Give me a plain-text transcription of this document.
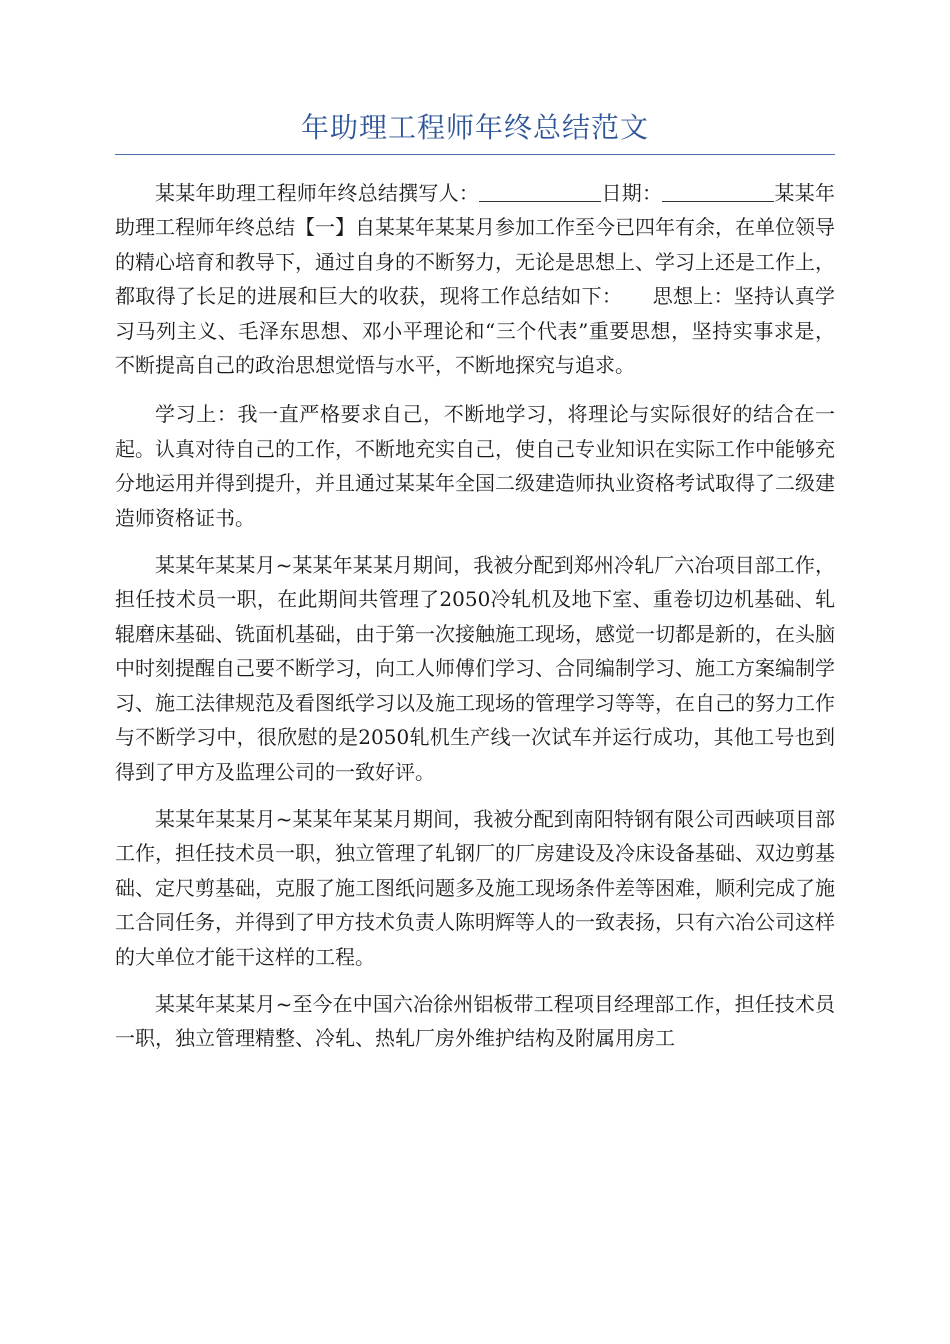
年助理工程师年终总结范文

某某年助理工程师年终总结撰写人：	日期：	某某年助理工程师年终总结【一】自某某年某某月参加工作至今已四年有余，在单位领导的精心培育和教导下，通过自身的不断努力，无论是思想上、学习上还是工作上，都取得了长足的进展和巨大的收获，现将工作总结如下：　　思想上：坚持认真学习马列主义、毛泽东思想、邓小平理论和“三个代表”重要思想，坚持实事求是，不断提高自己的政治思想觉悟与水平，不断地探究与追求。

学习上：我一直严格要求自己，不断地学习，将理论与实际很好的结合在一起。认真对待自己的工作，不断地充实自己，使自己专业知识在实际工作中能够充分地运用并得到提升，并且通过某某年全国二级建造师执业资格考试取得了二级建造师资格证书。

某某年某某月~某某年某某月期间，我被分配到郑州冷轧厂六冶项目部工作，担任技术员一职，在此期间共管理了2050冷轧机及地下室、重卷切边机基础、轧辊磨床基础、铣面机基础，由于第一次接触施工现场，感觉一切都是新的，在头脑中时刻提醒自己要不断学习，向工人师傅们学习、合同编制学习、施工方案编制学习、施工法律规范及看图纸学习以及施工现场的管理学习等等，在自己的努力工作与不断学习中，很欣慰的是2050轧机生产线一次试车并运行成功，其他工号也到得到了甲方及监理公司的一致好评。

某某年某某月~某某年某某月期间，我被分配到南阳特钢有限公司西峡项目部工作，担任技术员一职，独立管理了轧钢厂的厂房建设及冷床设备基础、双边剪基础、定尺剪基础，克服了施工图纸问题多及施工现场条件差等困难，顺利完成了施工合同任务，并得到了甲方技术负责人陈明辉等人的一致表扬，只有六冶公司这样的大单位才能干这样的工程。

某某年某某月~至今在中国六冶徐州铝板带工程项目经理部工作，担任技术员一职，独立管理精整、冷轧、热轧厂房外维护结构及附属用房工
